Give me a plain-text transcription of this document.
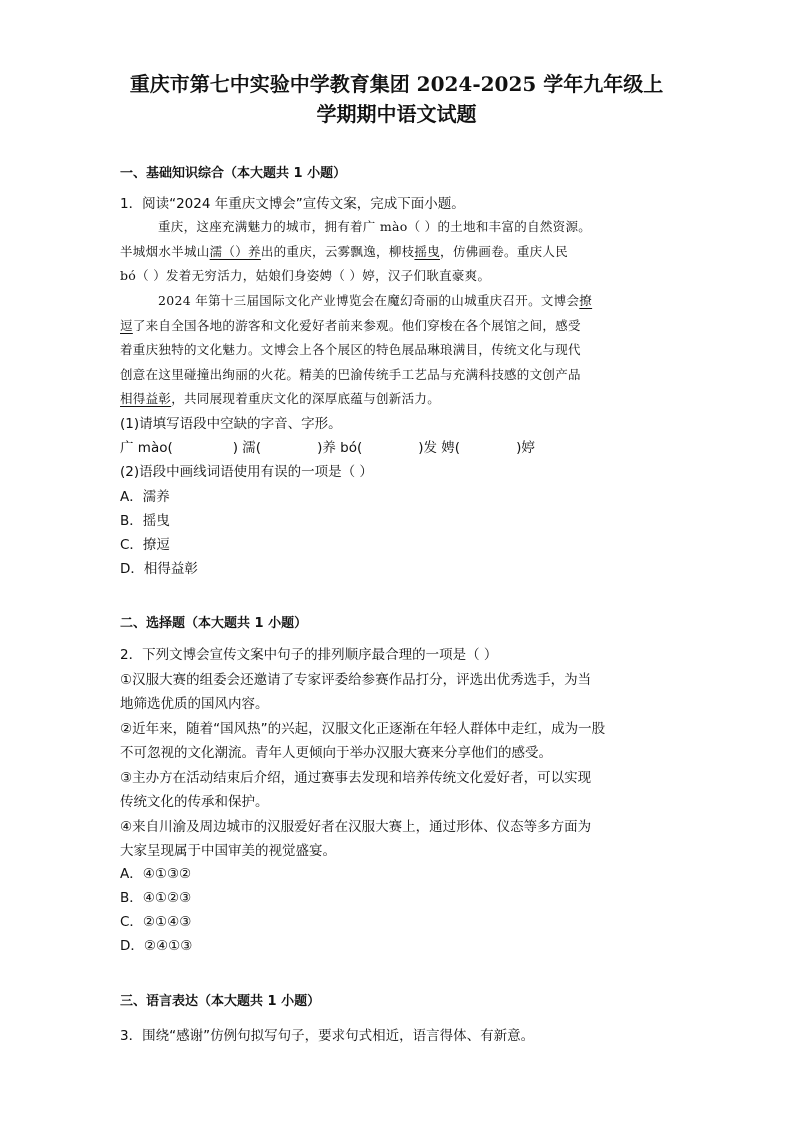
重庆市第七中实验中学教育集团 2024-2025 学年九年级上
学期期中语文试题
一、基础知识综合（本大题共 1 小题）
1．阅读“2024 年重庆文博会”宣传文案，完成下面小题。
重庆，这座充满魅力的城市，拥有着广 mào（ ）的土地和丰富的自然资源。
半城烟水半城山濡（）养出的重庆，云雾飘逸，柳枝摇曳，仿佛画卷。重庆人民
bó（ ）发着无穷活力，姑娘们身姿娉（ ）婷，汉子们耿直豪爽。
2024 年第十三届国际文化产业博览会在魔幻奇丽的山城重庆召开。文博会撩
逗了来自全国各地的游客和文化爱好者前来参观。他们穿梭在各个展馆之间，感受
着重庆独特的文化魅力。文博会上各个展区的特色展品琳琅满目，传统文化与现代
创意在这里碰撞出绚丽的火花。精美的巴渝传统手工艺品与充满科技感的文创产品
相得益彰，共同展现着重庆文化的深厚底蕴与创新活力。
(1)请填写语段中空缺的字音、字形。
广 mào(	) 濡(	)养 bó(	)发 娉(	)婷
(2)语段中画线词语使用有误的一项是（ ）
A．濡养
B．摇曳
C．撩逗
D．相得益彰
二、选择题（本大题共 1 小题）
2．下列文博会宣传文案中句子的排列顺序最合理的一项是（ ）
①汉服大赛的组委会还邀请了专家评委给参赛作品打分，评选出优秀选手，为当
地筛选优质的国风内容。
②近年来，随着“国风热”的兴起，汉服文化正逐渐在年轻人群体中走红，成为一股
不可忽视的文化潮流。青年人更倾向于举办汉服大赛来分享他们的感受。
③主办方在活动结束后介绍，通过赛事去发现和培养传统文化爱好者，可以实现
传统文化的传承和保护。
④来自川渝及周边城市的汉服爱好者在汉服大赛上，通过形体、仪态等多方面为
大家呈现属于中国审美的视觉盛宴。
A．④①③②
B．④①②③
C．②①④③
D．②④①③
三、语言表达（本大题共 1 小题）
3．围绕“感谢”仿例句拟写句子，要求句式相近，语言得体、有新意。
